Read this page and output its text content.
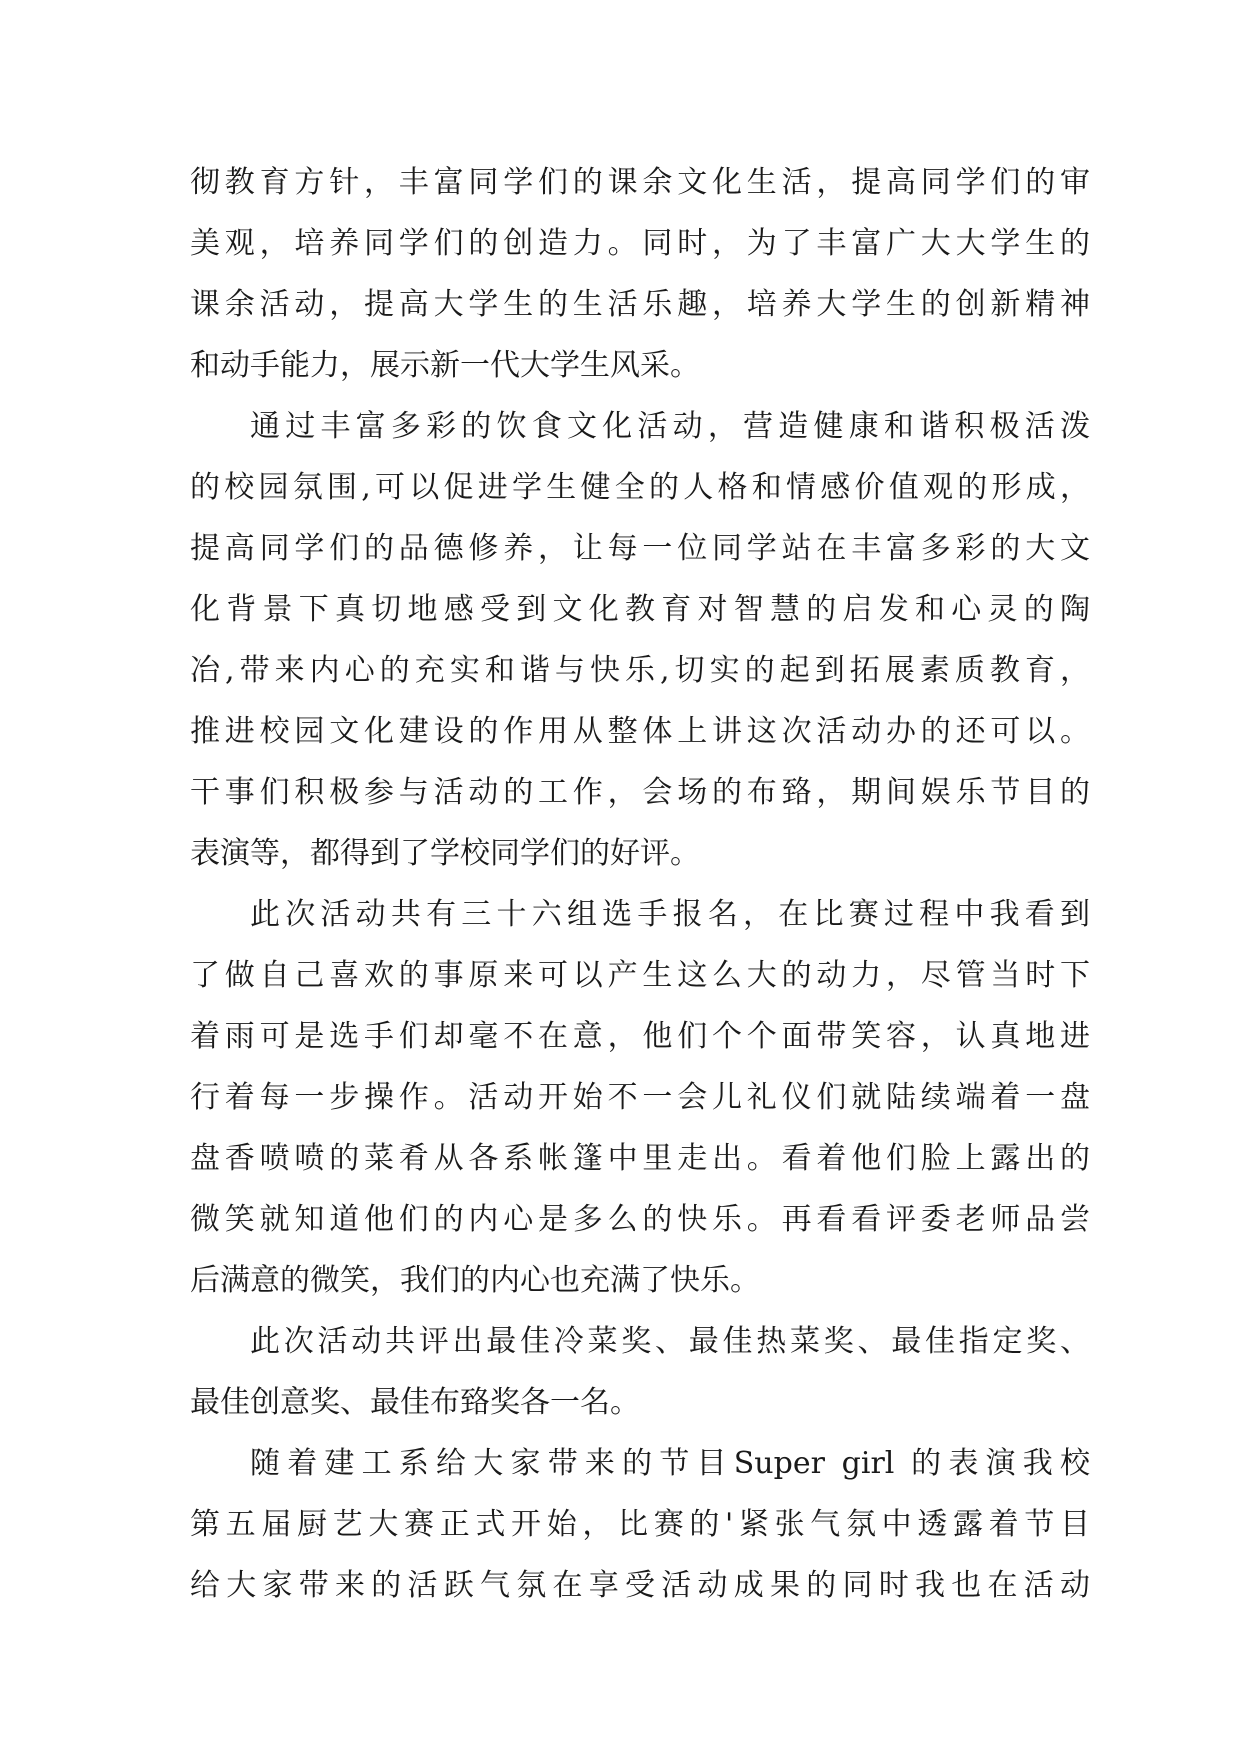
彻教育方针，丰富同学们的课余文化生活，提高同学们的审
美观，培养同学们的创造力。同时，为了丰富广大大学生的
课余活动，提高大学生的生活乐趣，培养大学生的创新精神
和动手能力，展示新一代大学生风采。
通过丰富多彩的饮食文化活动，营造健康和谐积极活泼
的校园氛围,可以促进学生健全的人格和情感价值观的形成，
提高同学们的品德修养，让每一位同学站在丰富多彩的大文
化背景下真切地感受到文化教育对智慧的启发和心灵的陶
冶,带来内心的充实和谐与快乐,切实的起到拓展素质教育，
推进校园文化建设的作用从整体上讲这次活动办的还可以。
干事们积极参与活动的工作，会场的布臵，期间娱乐节目的
表演等，都得到了学校同学们的好评。
此次活动共有三十六组选手报名，在比赛过程中我看到
了做自己喜欢的事原来可以产生这么大的动力，尽管当时下
着雨可是选手们却毫不在意，他们个个面带笑容，认真地进
行着每一步操作。活动开始不一会儿礼仪们就陆续端着一盘
盘香喷喷的菜肴从各系帐篷中里走出。看着他们脸上露出的
微笑就知道他们的内心是多么的快乐。再看看评委老师品尝
后满意的微笑，我们的内心也充满了快乐。
此次活动共评出最佳冷菜奖、最佳热菜奖、最佳指定奖、
最佳创意奖、最佳布臵奖各一名。
随着建工系给大家带来的节目Super girl 的表演我校
第五届厨艺大赛正式开始，比赛的'紧张气氛中透露着节目
给大家带来的活跃气氛在享受活动成果的同时我也在活动
